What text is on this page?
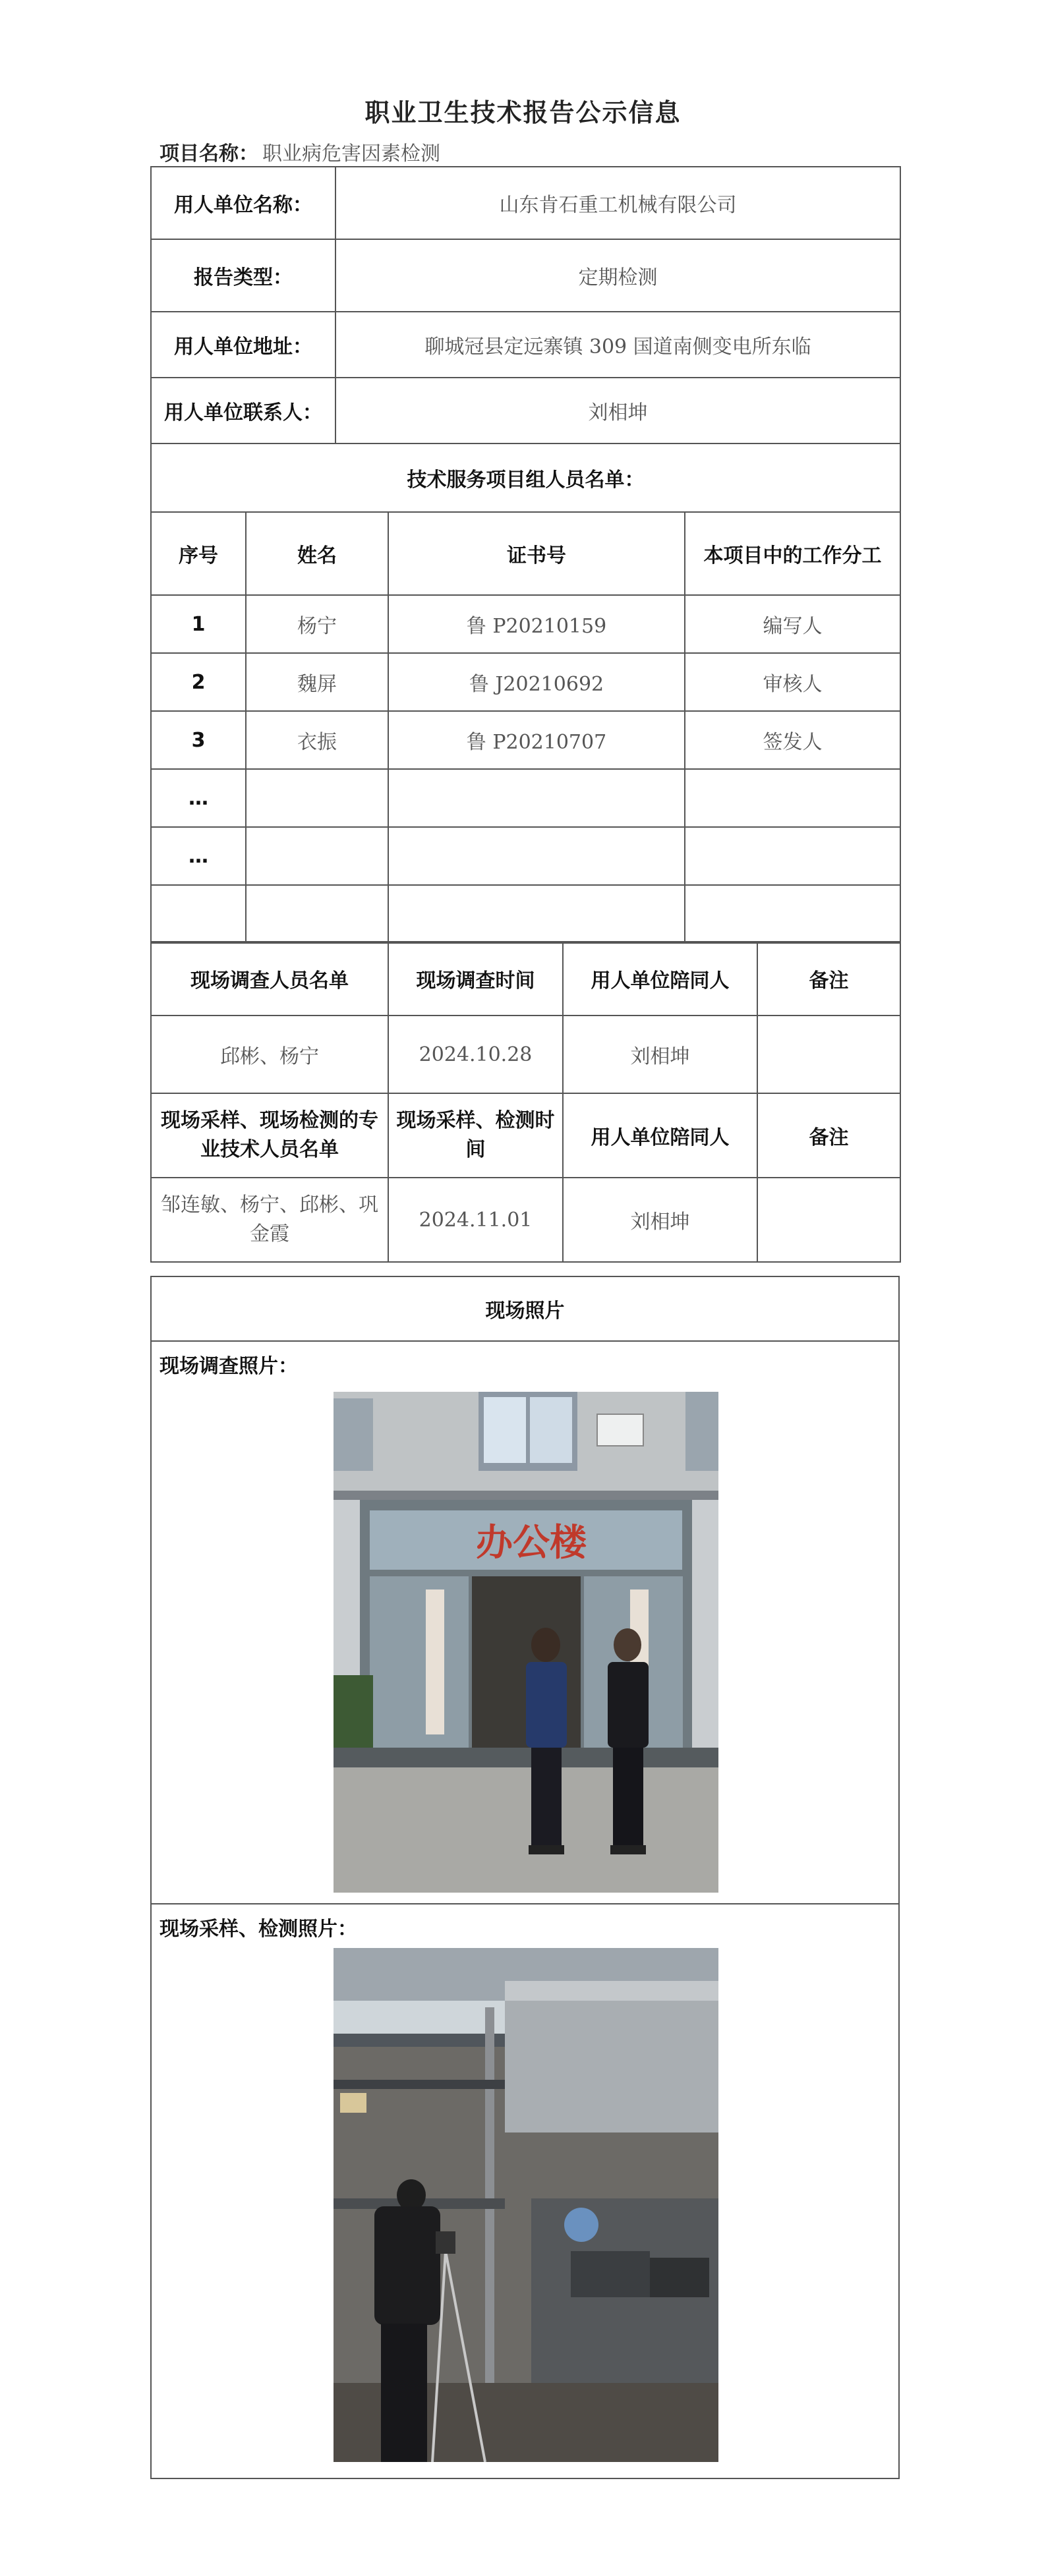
职业卫生技术报告公示信息
项目名称： 职业病危害因素检测
用人单位名称：	山东肯石重工机械有限公司
报告类型：	定期检测
用人单位地址：	聊城冠县定远寨镇 309 国道南侧变电所东临
用人单位联系人：	刘相坤
技术服务项目组人员名单：			
序号	姓名	证书号	本项目中的工作分工
1	杨宁	鲁 P20210159	编写人
2	魏屏	鲁 J20210692	审核人
3	衣振	鲁 P20210707	签发人
…			
…			

现场调查人员名单	现场调查时间	用人单位陪同人	备注
邱彬、杨宁	2024.10.28	刘相坤	
现场采样、现场检测的专业技术人员名单	现场采样、检测时间	用人单位陪同人	备注
邹连敏、杨宁、邱彬、巩金霞	2024.11.01	刘相坤	
现场照片
现场调查照片：
办公楼
现场采样、检测照片：
